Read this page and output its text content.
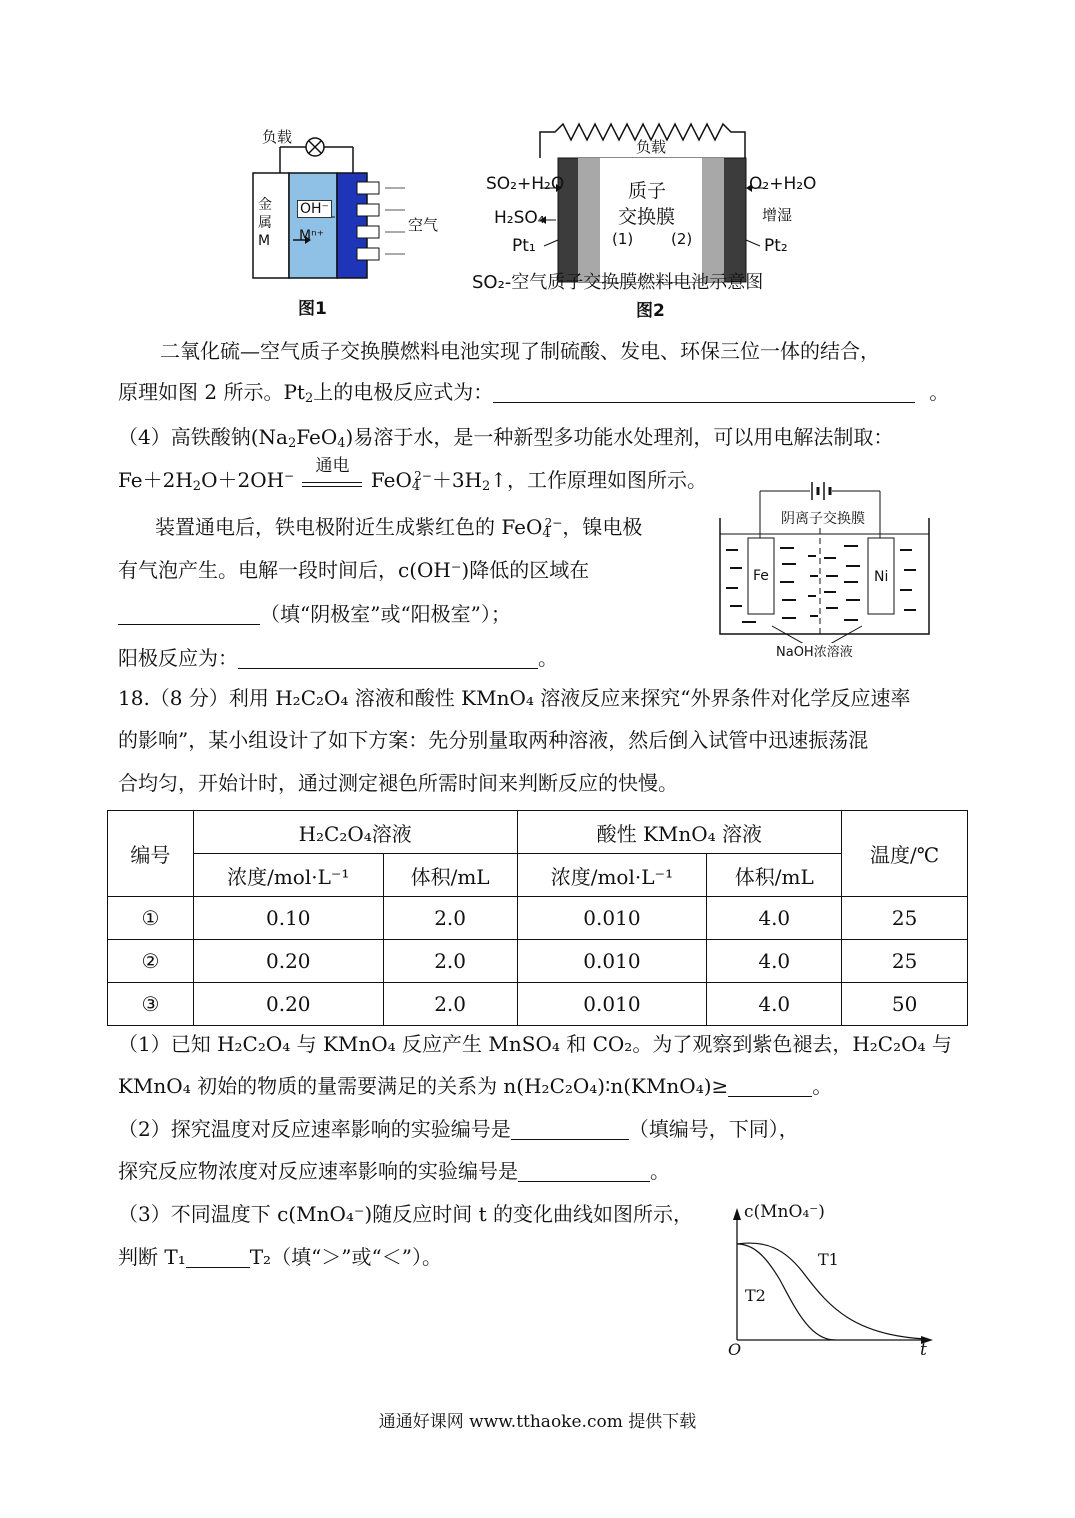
负载
金属M
OH⁻
Mⁿ⁺
空气
图1
负载
SO₂+H₂O
H₂SO₄
Pt₁
质子
交换膜
(1)	(2)
O₂+H₂O
增湿
Pt₂
SO₂-空气质子交换膜燃料电池示意图
图2
二氧化硫—空气质子交换膜燃料电池实现了制硫酸、发电、环保三位一体的结合，
原理如图 2 所示。$Pt_2$上的电极反应式为：	。
（4）高铁酸钠$(Na_2FeO_4)$易溶于水，是一种新型多功能水处理剂，可以用电解法制取：
$Fe+2H_2O+2OH^-$	通电
$FeO_4^{2-}+3H_2↑$，工作原理如图所示。
装置通电后，铁电极附近生成紫红色的 FeO$_4^{2-}$，镍电极
有气泡产生。电解一段时间后，c(OH⁻)降低的区域在
（填“阴极室”或“阳极室”）；
阳极反应为：	。
阴离子交换膜
Fe	Ni
NaOH浓溶液
18.（8 分）利用 H₂C₂O₄ 溶液和酸性 KMnO₄ 溶液反应来探究“外界条件对化学反应速率
的影响”，某小组设计了如下方案：先分别量取两种溶液，然后倒入试管中迅速振荡混
合均匀，开始计时，通过测定褪色所需时间来判断反应的快慢。
编号	H₂C₂O₄溶液		酸性 KMnO₄ 溶液		温度/℃
	浓度/mol·L⁻¹	体积/mL	浓度/mol·L⁻¹	体积/mL	
①	0.10	2.0	0.010	4.0	25
②	0.20	2.0	0.010	4.0	25
③	0.20	2.0	0.010	4.0	50
（1）已知 H₂C₂O₄ 与 KMnO₄ 反应产生 MnSO₄ 和 CO₂。为了观察到紫色褪去，H₂C₂O₄ 与
KMnO₄ 初始的物质的量需要满足的关系为 n(H₂C₂O₄)∶n(KMnO₄)≥	。
（2）探究温度对反应速率影响的实验编号是	（填编号，下同），
探究反应物浓度对反应速率影响的实验编号是	。
（3）不同温度下 c(MnO₄⁻)随反应时间 t 的变化曲线如图所示，
判断 T₁	T₂（填“＞”或“＜”）。
c(MnO₄⁻)
T1
T2
O	t
通通好课网 www.tthaoke.com 提供下载
